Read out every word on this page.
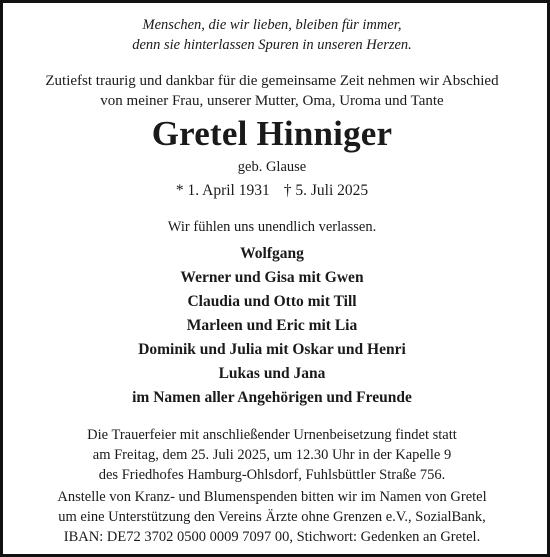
Menschen, die wir lieben, bleiben für immer,
denn sie hinterlassen Spuren in unseren Herzen.
Zutiefst traurig und dankbar für die gemeinsame Zeit nehmen wir Abschied
von meiner Frau, unserer Mutter, Oma, Uroma und Tante
Gretel Hinniger
geb. Glause
* 1. April 1931 † 5. Juli 2025
Wir fühlen uns unendlich verlassen.
Wolfgang
Werner und Gisa mit Gwen
Claudia und Otto mit Till
Marleen und Eric mit Lia
Dominik und Julia mit Oskar und Henri
Lukas und Jana
im Namen aller Angehörigen und Freunde
Die Trauerfeier mit anschließender Urnenbeisetzung findet statt
am Freitag, dem 25. Juli 2025, um 12.30 Uhr in der Kapelle 9
des Friedhofes Hamburg-Ohlsdorf, Fuhlsbüttler Straße 756.
Anstelle von Kranz- und Blumenspenden bitten wir im Namen von Gretel
um eine Unterstützung den Vereins Ärzte ohne Grenzen e.V., SozialBank,
IBAN: DE72 3702 0500 0009 7097 00, Stichwort: Gedenken an Gretel.
